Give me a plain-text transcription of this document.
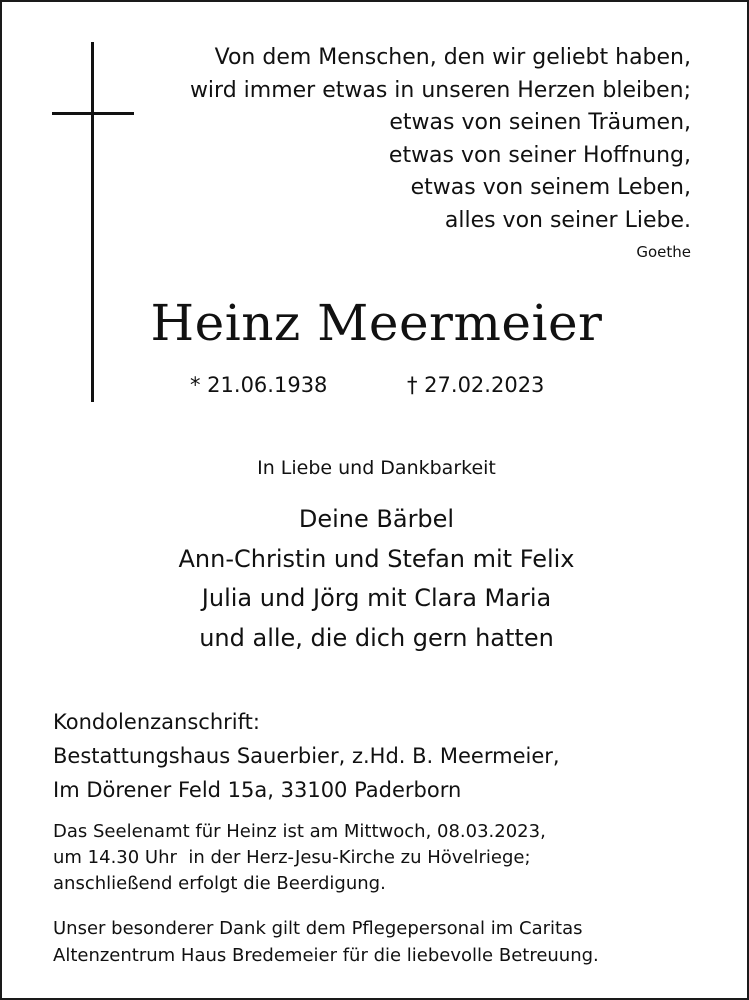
Von dem Menschen, den wir geliebt haben,
wird immer etwas in unseren Herzen bleiben;
etwas von seinen Träumen,
etwas von seiner Hoffnung,
etwas von seinem Leben,
alles von seiner Liebe.
Goethe
Heinz Meermeier
* 21.06.1938	† 27.02.2023
In Liebe und Dankbarkeit
Deine Bärbel
Ann-Christin und Stefan mit Felix
Julia und Jörg mit Clara Maria
und alle, die dich gern hatten
Kondolenzanschrift:
Bestattungshaus Sauerbier, z.Hd. B. Meermeier,
Im Dörener Feld 15a, 33100 Paderborn
Das Seelenamt für Heinz ist am Mittwoch, 08.03.2023,
um 14.30 Uhr  in der Herz-Jesu-Kirche zu Hövelriege;
anschließend erfolgt die Beerdigung.
Unser besonderer Dank gilt dem Pflegepersonal im Caritas
Altenzentrum Haus Bredemeier für die liebevolle Betreuung.
